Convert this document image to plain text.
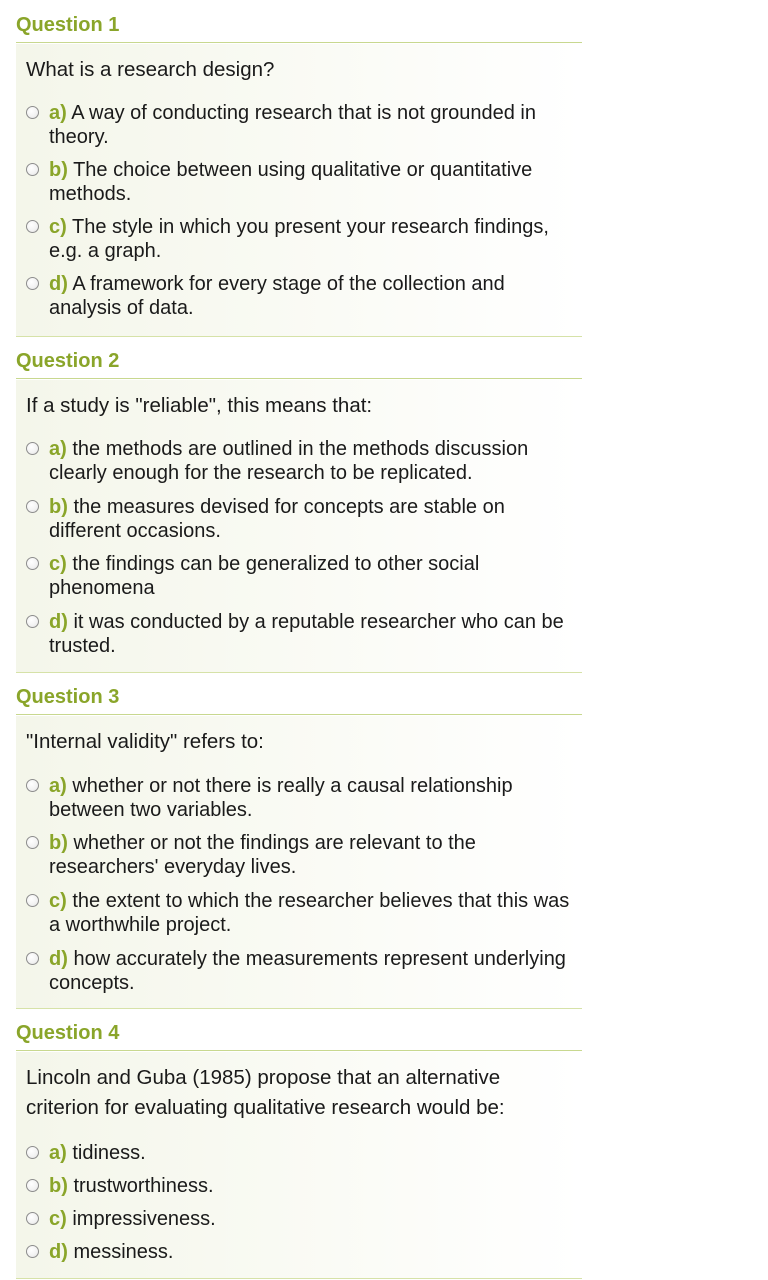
Question 1
What is a research design?
a) A way of conducting research that is not grounded in theory.
b) The choice between using qualitative or quantitative methods.
c) The style in which you present your research findings, e.g. a graph.
d) A framework for every stage of the collection and analysis of data.
Question 2
If a study is "reliable", this means that:
a) the methods are outlined in the methods discussion clearly enough for the research to be replicated.
b) the measures devised for concepts are stable on different occasions.
c) the findings can be generalized to other social phenomena
d) it was conducted by a reputable researcher who can be trusted.
Question 3
"Internal validity" refers to:
a) whether or not there is really a causal relationship between two variables.
b) whether or not the findings are relevant to the researchers' everyday lives.
c) the extent to which the researcher believes that this was a worthwhile project.
d) how accurately the measurements represent underlying concepts.
Question 4
Lincoln and Guba (1985) propose that an alternative criterion for evaluating qualitative research would be:
a) tidiness.
b) trustworthiness.
c) impressiveness.
d) messiness.
